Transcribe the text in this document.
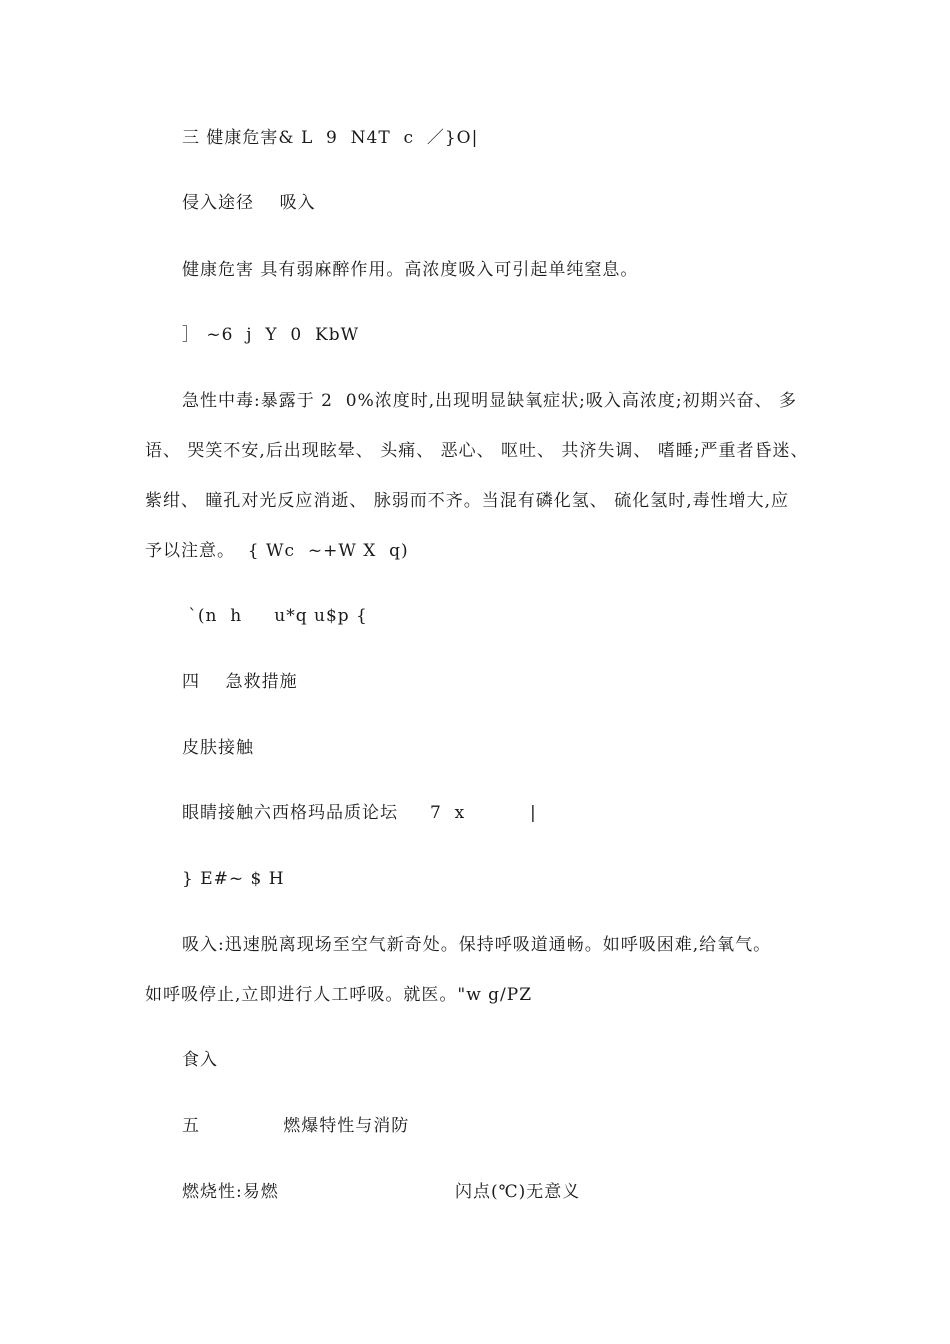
三 健康危害& L  9  N4T  c  ／}O|
侵入途径    吸入
健康危害 具有弱麻醉作用。高浓度吸入可引起单纯窒息。
］ ~6  j  Y  0  KbW
急性中毒:暴露于 2  0%浓度时,出现明显缺氧症状;吸入高浓度;初期兴奋、 多
语、 哭笑不安,后出现眩晕、 头痛、 恶心、 呕吐、 共济失调、 嗜睡;严重者昏迷、
紫绀、 瞳孔对光反应消逝、 脉弱而不齐。当混有磷化氢、 硫化氢时,毒性增大,应
予以注意。  { Wc  ~+W X  q)
`(n  h     u*q u$p {
四    急救措施
皮肤接触
眼睛接触六西格玛品质论坛     7  x	|
} E#~ $ H
吸入:迅速脱离现场至空气新奇处。保持呼吸道通畅。如呼吸困难,给氧气。
如呼吸停止,立即进行人工呼吸。就医。"w g/PZ
食入
五             燃爆特性与消防
燃烧性:易燃	闪点(℃)无意义
